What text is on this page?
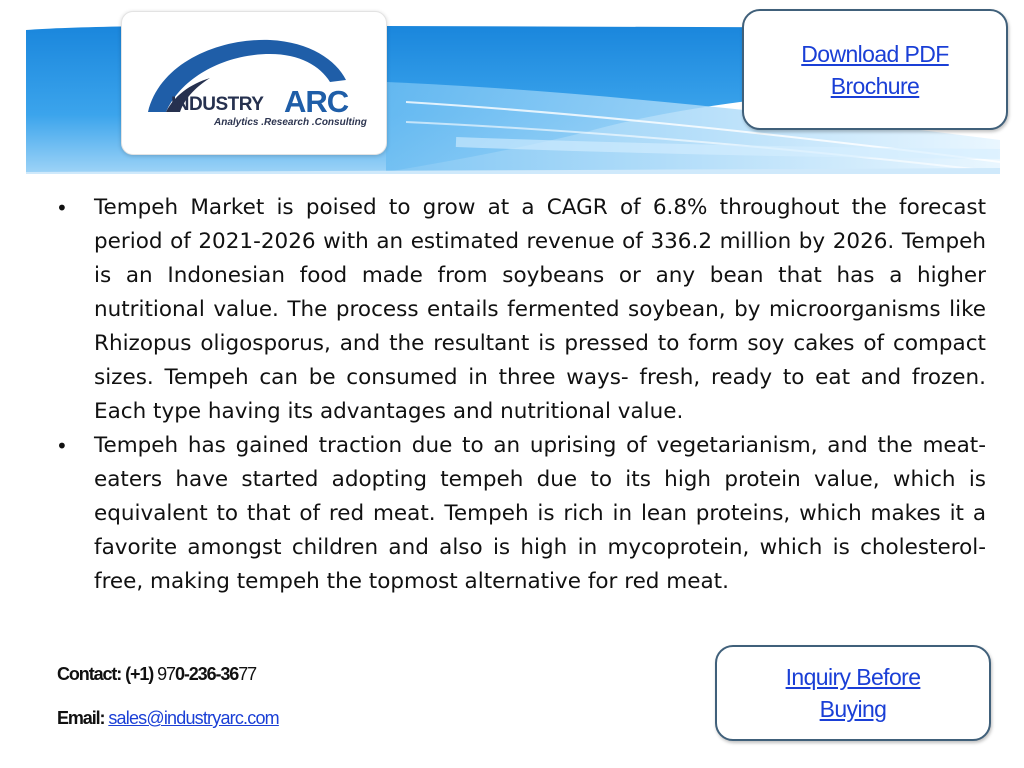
INDUSTRY ARC
Analytics .Research .Consulting
Download PDF
Brochure
• Tempeh Market is poised to grow at a CAGR of 6.8% throughout the forecast period of 2021-2026 with an estimated revenue of 336.2 million by 2026. Tempeh is an Indonesian food made from soybeans or any bean that has a higher nutritional value. The process entails fermented soybean, by microorganisms like Rhizopus oligosporus, and the resultant is pressed to form soy cakes of compact sizes. Tempeh can be consumed in three ways- fresh, ready to eat and frozen. Each type having its advantages and nutritional value.
• Tempeh has gained traction due to an uprising of vegetarianism, and the meat-eaters have started adopting tempeh due to its high protein value, which is equivalent to that of red meat. Tempeh is rich in lean proteins, which makes it a favorite amongst children and also is high in mycoprotein, which is cholesterol-free, making tempeh the topmost alternative for red meat.
Contact: (+1) 970-236-3677
Email: sales@industryarc.com
Inquiry Before
Buying
